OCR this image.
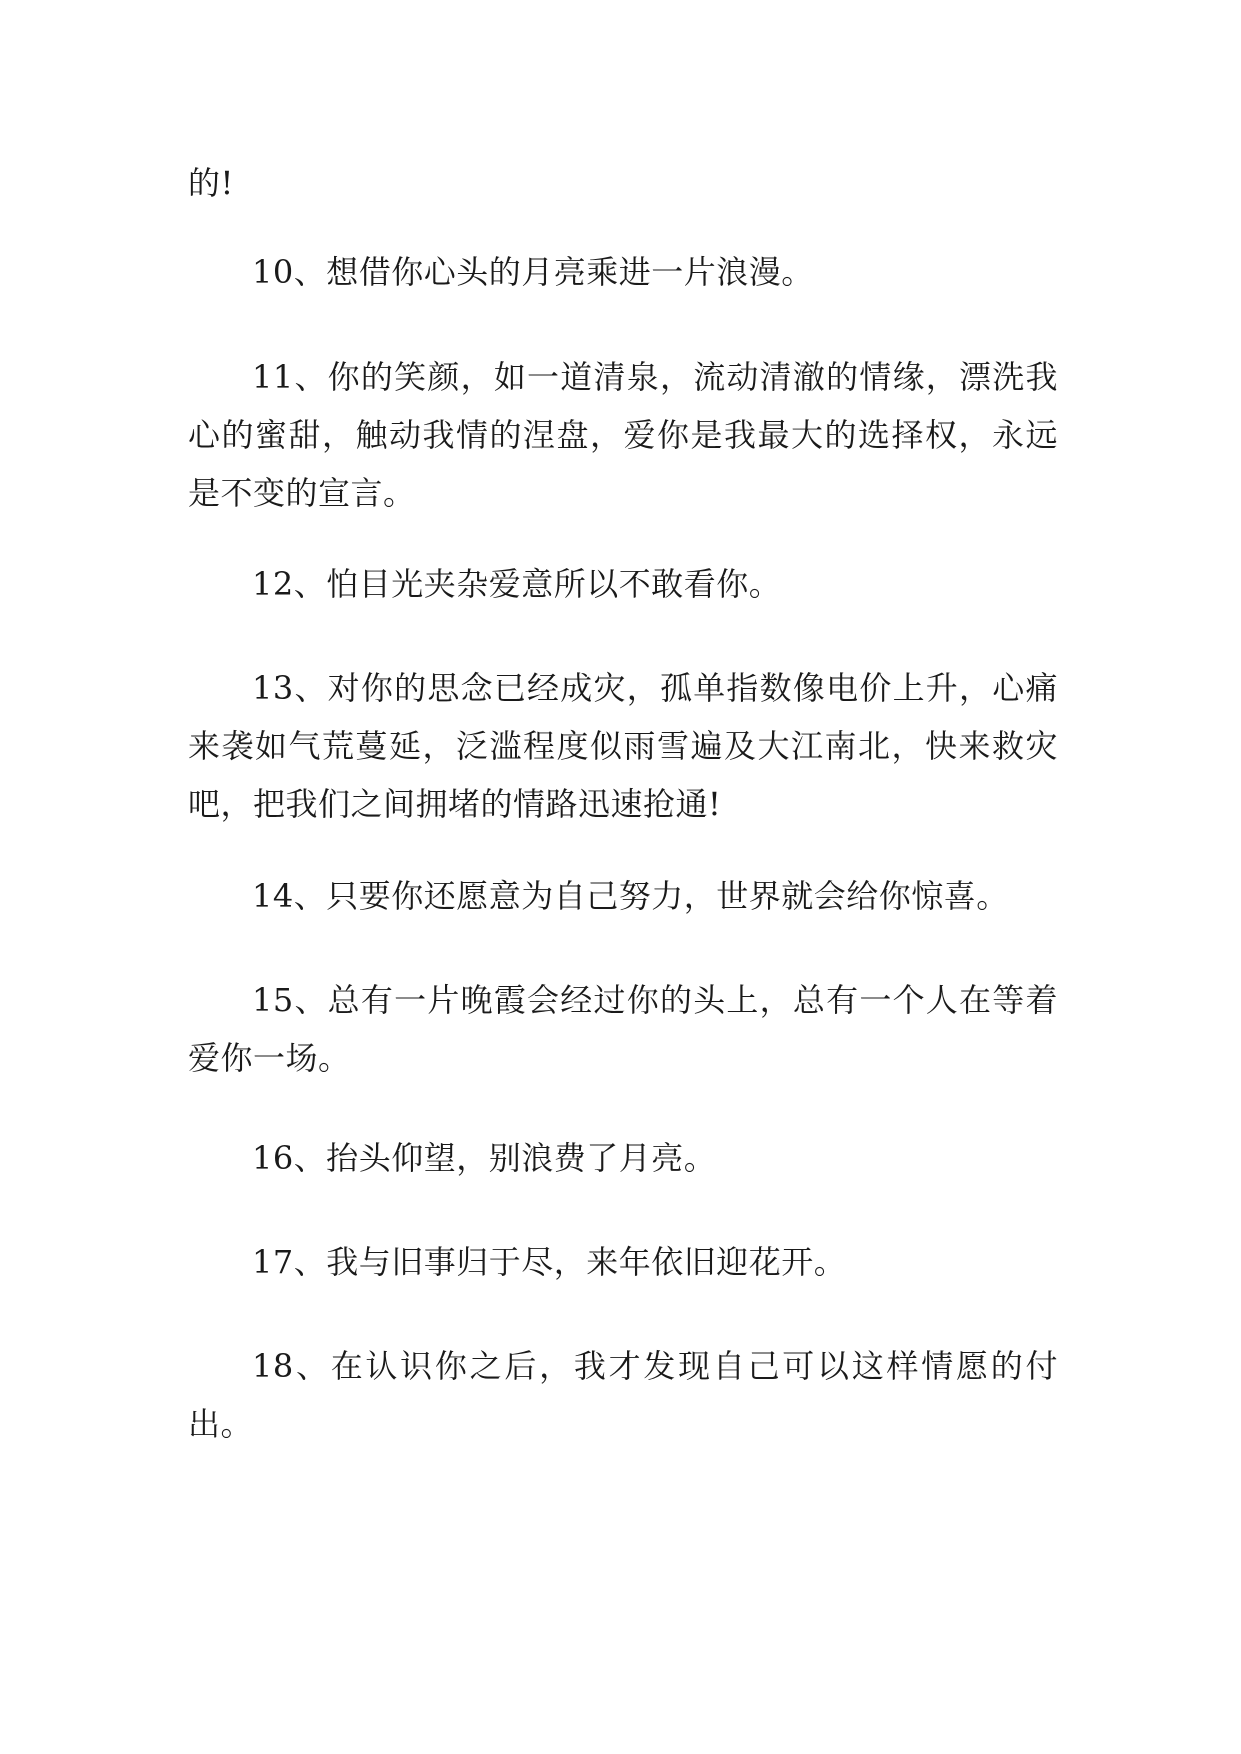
的!

10、想借你心头的月亮乘进一片浪漫。

11、你的笑颜，如一道清泉，流动清澈的情缘，漂洗我心的蜜甜，触动我情的涅盘，爱你是我最大的选择权，永远是不变的宣言。

12、怕目光夹杂爱意所以不敢看你。

13、对你的思念已经成灾，孤单指数像电价上升，心痛来袭如气荒蔓延，泛滥程度似雨雪遍及大江南北，快来救灾吧，把我们之间拥堵的情路迅速抢通!

14、只要你还愿意为自己努力，世界就会给你惊喜。

15、总有一片晚霞会经过你的头上，总有一个人在等着爱你一场。

16、抬头仰望，别浪费了月亮。

17、我与旧事归于尽，来年依旧迎花开。

18、在认识你之后，我才发现自己可以这样情愿的付出。
